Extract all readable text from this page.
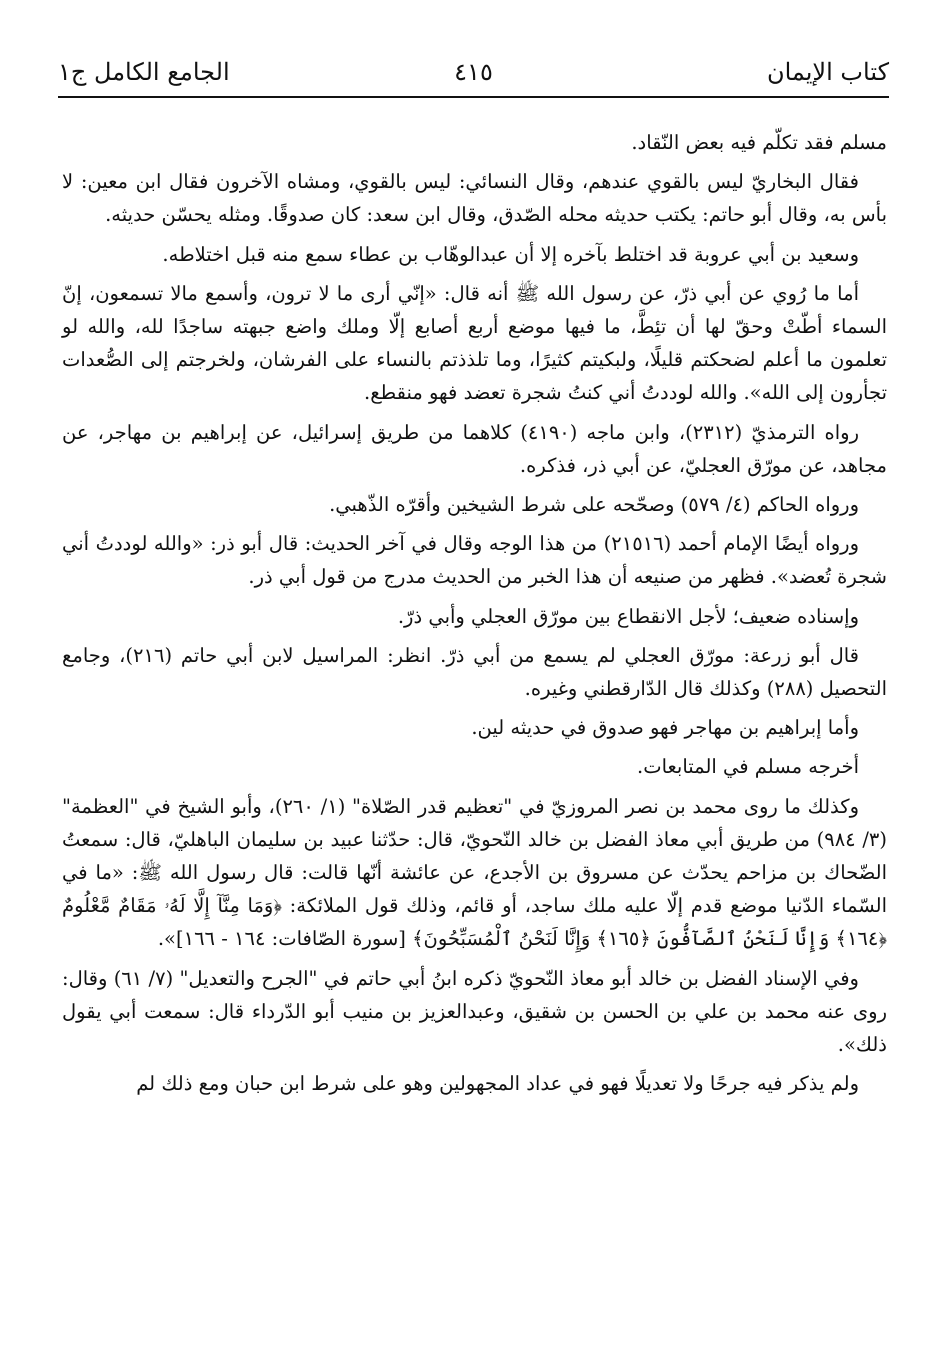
كتاب الإيمان
٤١٥
الجامع الكامل ج١

مسلم فقد تكلّم فيه بعض النّقاد.

فقال البخاريّ ليس بالقوي عندهم، وقال النسائي: ليس بالقوي، ومشاه الآخرون فقال ابن معين: لا بأس به، وقال أبو حاتم: يكتب حديثه محله الصّدق، وقال ابن سعد: كان صدوقًا. ومثله يحسّن حديثه.

وسعيد بن أبي عروبة قد اختلط بآخره إلا أن عبدالوهّاب بن عطاء سمع منه قبل اختلاطه.

أما ما رُوي عن أبي ذرّ، عن رسول الله ﷺ أنه قال: «إنّي أرى ما لا ترون، وأسمع مالا تسمعون، إنّ السماء أطّتْ وحقّ لها أن تئِطَّ، ما فيها موضع أربع أصابع إلّا وملك واضع جبهته ساجدًا لله، والله لو تعلمون ما أعلم لضحكتم قليلًا، ولبكيتم كثيرًا، وما تلذذتم بالنساء على الفرشان، ولخرجتم إلى الصُّعدات تجأرون إلى الله». والله لوددتُ أني كنتُ شجرة تعضد فهو منقطع.

رواه الترمذيّ (٢٣١٢)، وابن ماجه (٤١٩٠) كلاهما من طريق إسرائيل، عن إبراهيم بن مهاجر، عن مجاهد، عن مورّق العجليّ، عن أبي ذر، فذكره.

ورواه الحاكم (٤/ ٥٧٩) وصحّحه على شرط الشيخين وأقرّه الذّهبي.

ورواه أيضًا الإمام أحمد (٢١٥١٦) من هذا الوجه وقال في آخر الحديث: قال أبو ذر: «والله لوددتُ أني شجرة تُعضد». فظهر من صنيعه أن هذا الخبر من الحديث مدرج من قول أبي ذر.

وإسناده ضعيف؛ لأجل الانقطاع بين مورّق العجلي وأبي ذرّ.

قال أبو زرعة: مورّق العجلي لم يسمع من أبي ذرّ. انظر: المراسيل لابن أبي حاتم (٢١٦)، وجامع التحصيل (٢٨٨) وكذلك قال الدّارقطني وغيره.

وأما إبراهيم بن مهاجر فهو صدوق في حديثه لين.

أخرجه مسلم في المتابعات.

وكذلك ما روى محمد بن نصر المروزيّ في "تعظيم قدر الصّلاة" (١/ ٢٦٠)، وأبو الشيخ في "العظمة" (٣/ ٩٨٤) من طريق أبي معاذ الفضل بن خالد النّحويّ، قال: حدّثنا عبيد بن سليمان الباهليّ، قال: سمعتُ الضّحاك بن مزاحم يحدّث عن مسروق بن الأجدع، عن عائشة أنّها قالت: قال رسول الله ﷺ: «ما في السّماء الدّنيا موضع قدم إلّا عليه ملك ساجد، أو قائم، وذلك قول الملائكة: ﴿وَمَا مِنَّآ إِلَّا لَهُۥ مَقَامٌ مَّعْلُومٌ ﴿١٦٤﴾ وَإِنَّا لَنَحْنُ ٱلصَّآفُّونَ ﴿١٦٥﴾ وَإِنَّا لَنَحْنُ ٱلْمُسَبِّحُونَ﴾ [سورة الصّافات: ١٦٤ - ١٦٦]».

وفي الإسناد الفضل بن خالد أبو معاذ النّحويّ ذكره ابنُ أبي حاتم في "الجرح والتعديل" (٧/ ٦١) وقال: روى عنه محمد بن علي بن الحسن بن شقيق، وعبدالعزيز بن منيب أبو الدّرداء قال: سمعت أبي يقول ذلك».

ولم يذكر فيه جرحًا ولا تعديلًا فهو في عداد المجهولين وهو على شرط ابن حبان ومع ذلك لم
